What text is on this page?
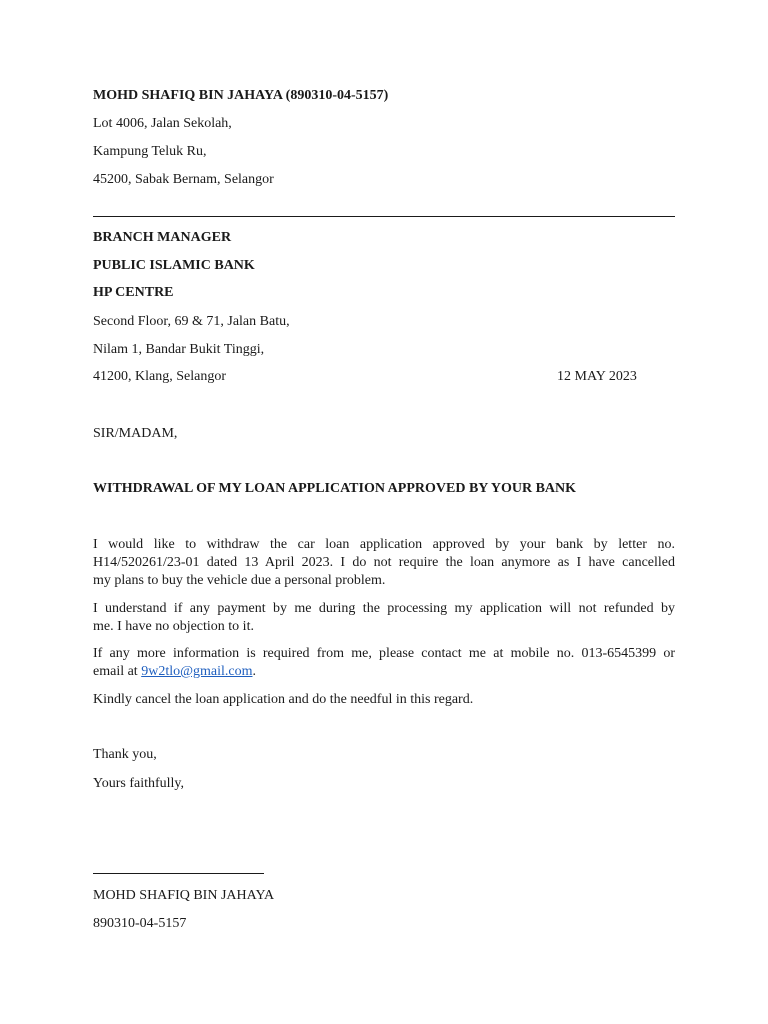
MOHD SHAFIQ BIN JAHAYA (890310-04-5157)
Lot 4006, Jalan Sekolah,
Kampung Teluk Ru,
45200, Sabak Bernam, Selangor
BRANCH MANAGER
PUBLIC ISLAMIC BANK
HP CENTRE
Second Floor, 69 & 71, Jalan Batu,
Nilam 1, Bandar Bukit Tinggi,
41200, Klang, Selangor	12 MAY 2023
SIR/MADAM,
WITHDRAWAL OF MY LOAN APPLICATION APPROVED BY YOUR BANK
I would like to withdraw the car loan application approved by your bank by letter no.
H14/520261/23-01 dated 13 April 2023. I do not require the loan anymore as I have cancelled
my plans to buy the vehicle due a personal problem.
I understand if any payment by me during the processing my application will not refunded by
me. I have no objection to it.
If any more information is required from me, please contact me at mobile no. 013-6545399 or
email at 9w2tlo@gmail.com.
Kindly cancel the loan application and do the needful in this regard.
Thank you,
Yours faithfully,
MOHD SHAFIQ BIN JAHAYA
890310-04-5157
